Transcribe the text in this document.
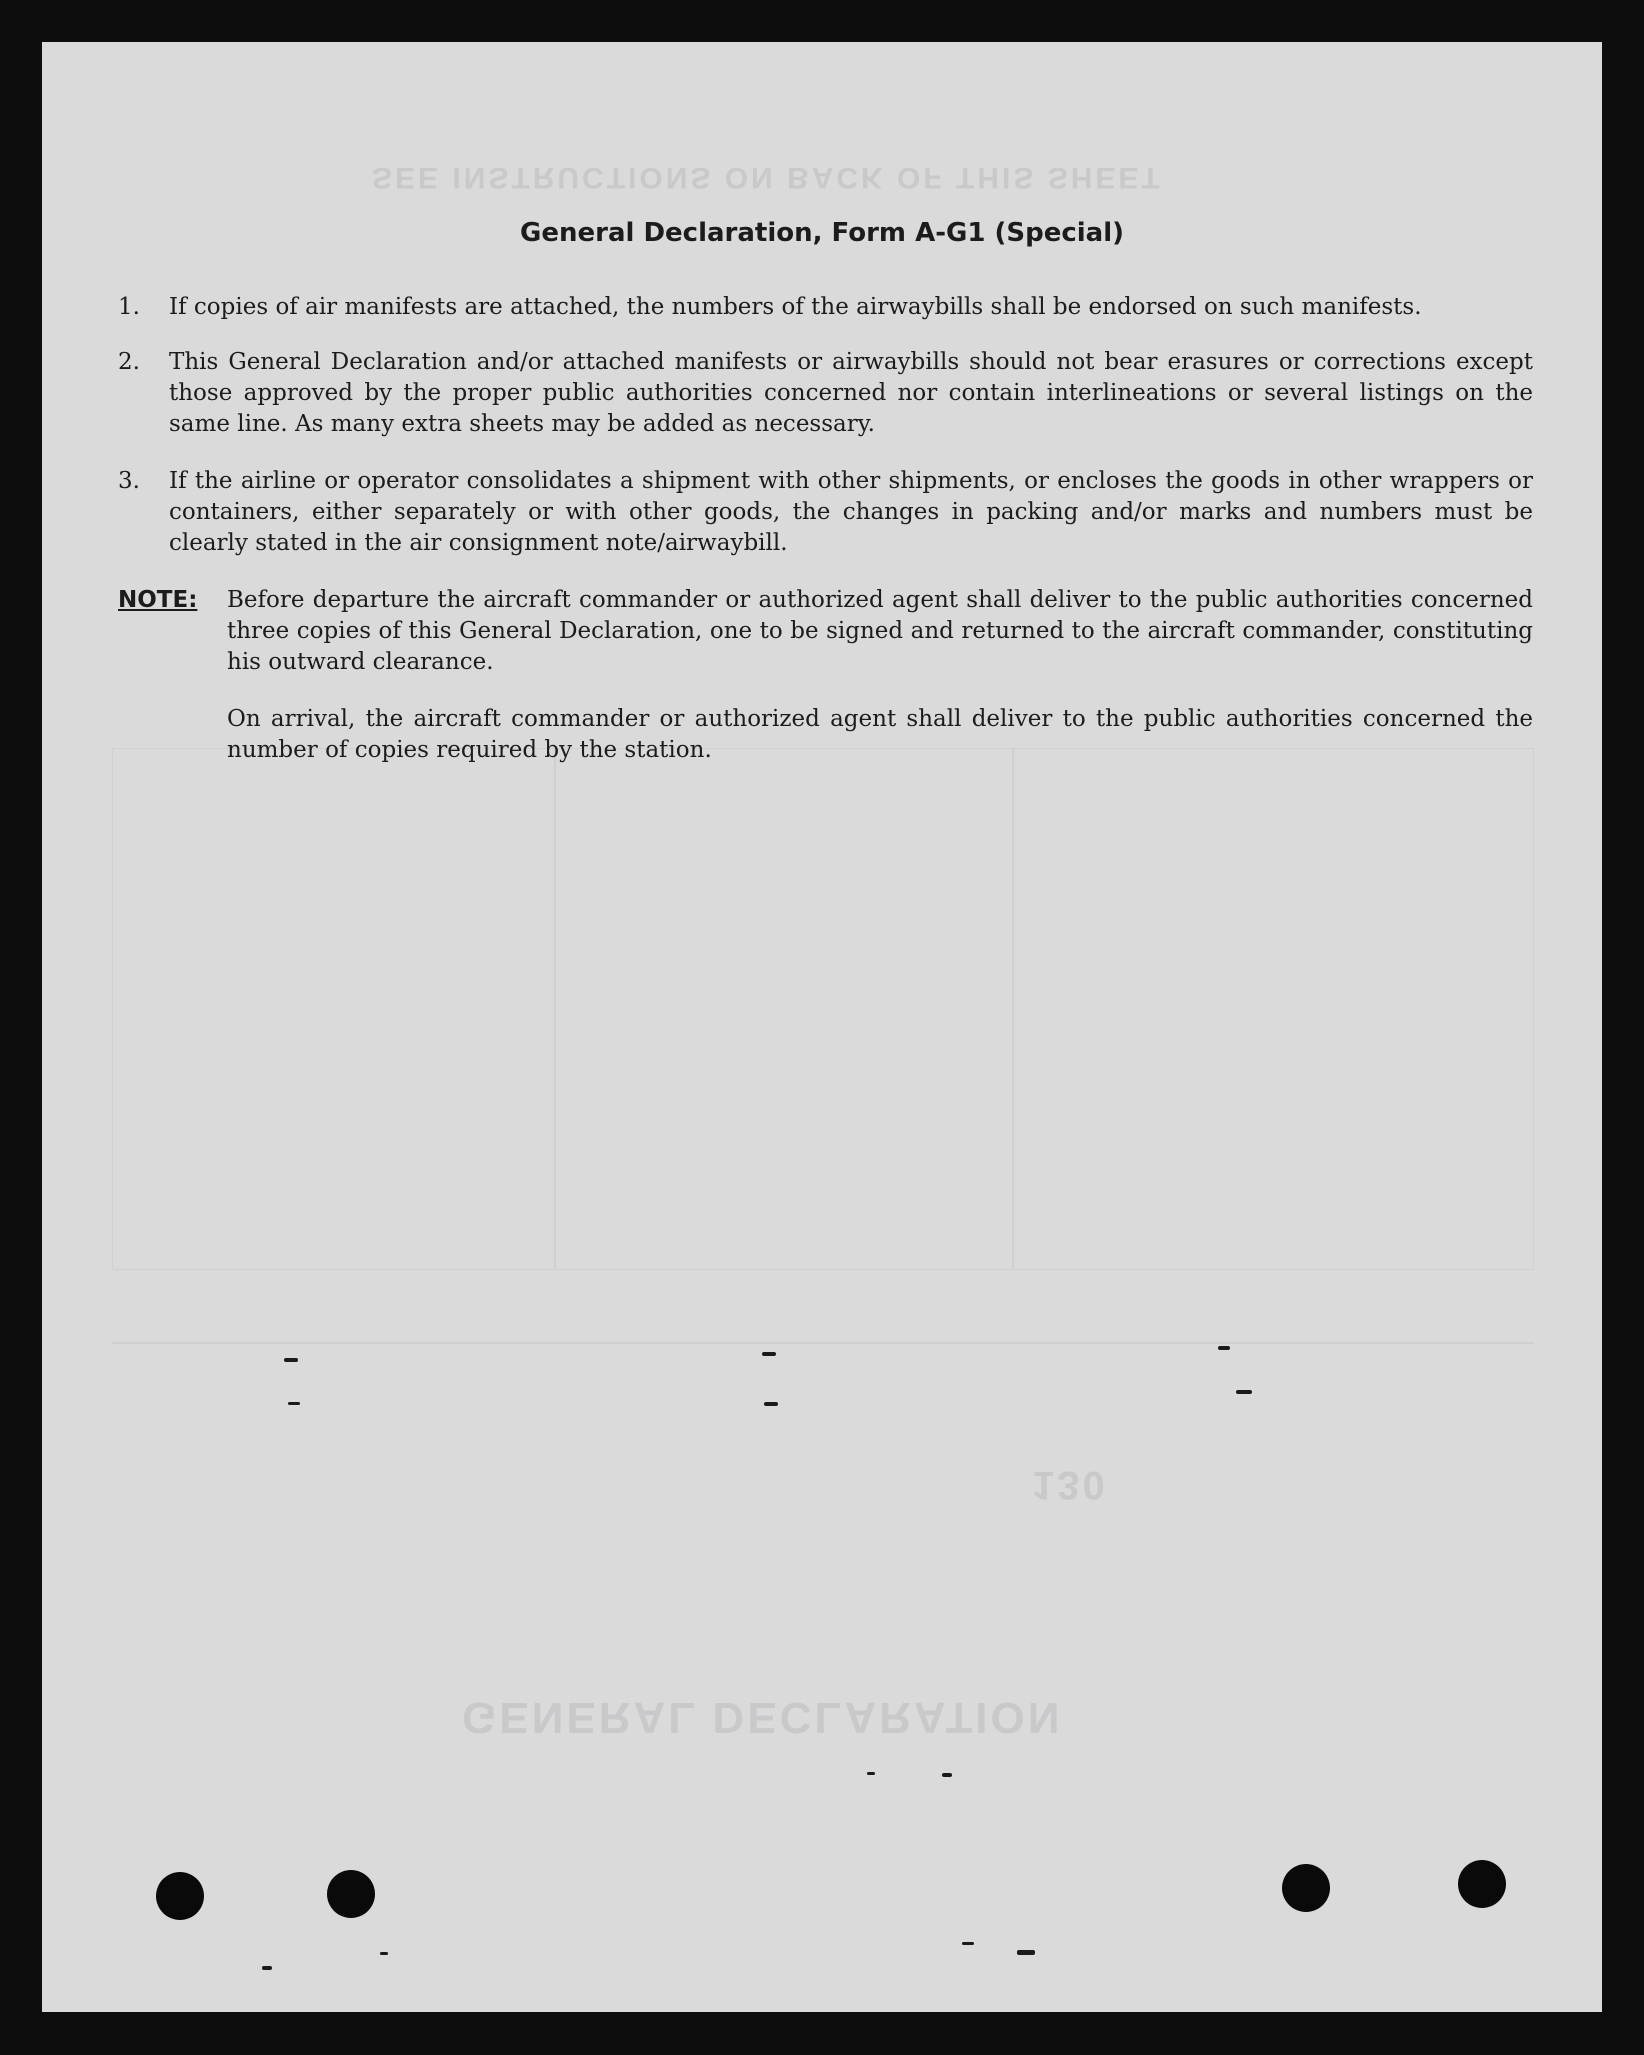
SEE INSTRUCTIONS ON BACK OF THIS SHEET
GENERAL DECLARATION
130
General Declaration, Form A-G1 (Special)
1. If copies of air manifests are attached, the numbers of the airwaybills shall be endorsed on such manifests.
2. This General Declaration and/or attached manifests or airwaybills should not bear erasures or corrections except those approved by the proper public authorities concerned nor contain interlineations or several listings on the same line. As many extra sheets may be added as necessary.
3. If the airline or operator consolidates a shipment with other shipments, or encloses the goods in other wrappers or containers, either separately or with other goods, the changes in packing and/or marks and numbers must be clearly stated in the air consignment note/airwaybill.
NOTE: Before departure the aircraft commander or authorized agent shall deliver to the public authorities concerned three copies of this General Declaration, one to be signed and returned to the aircraft commander, constituting his outward clearance.
On arrival, the aircraft commander or authorized agent shall deliver to the public authorities concerned the number of copies required by the station.
